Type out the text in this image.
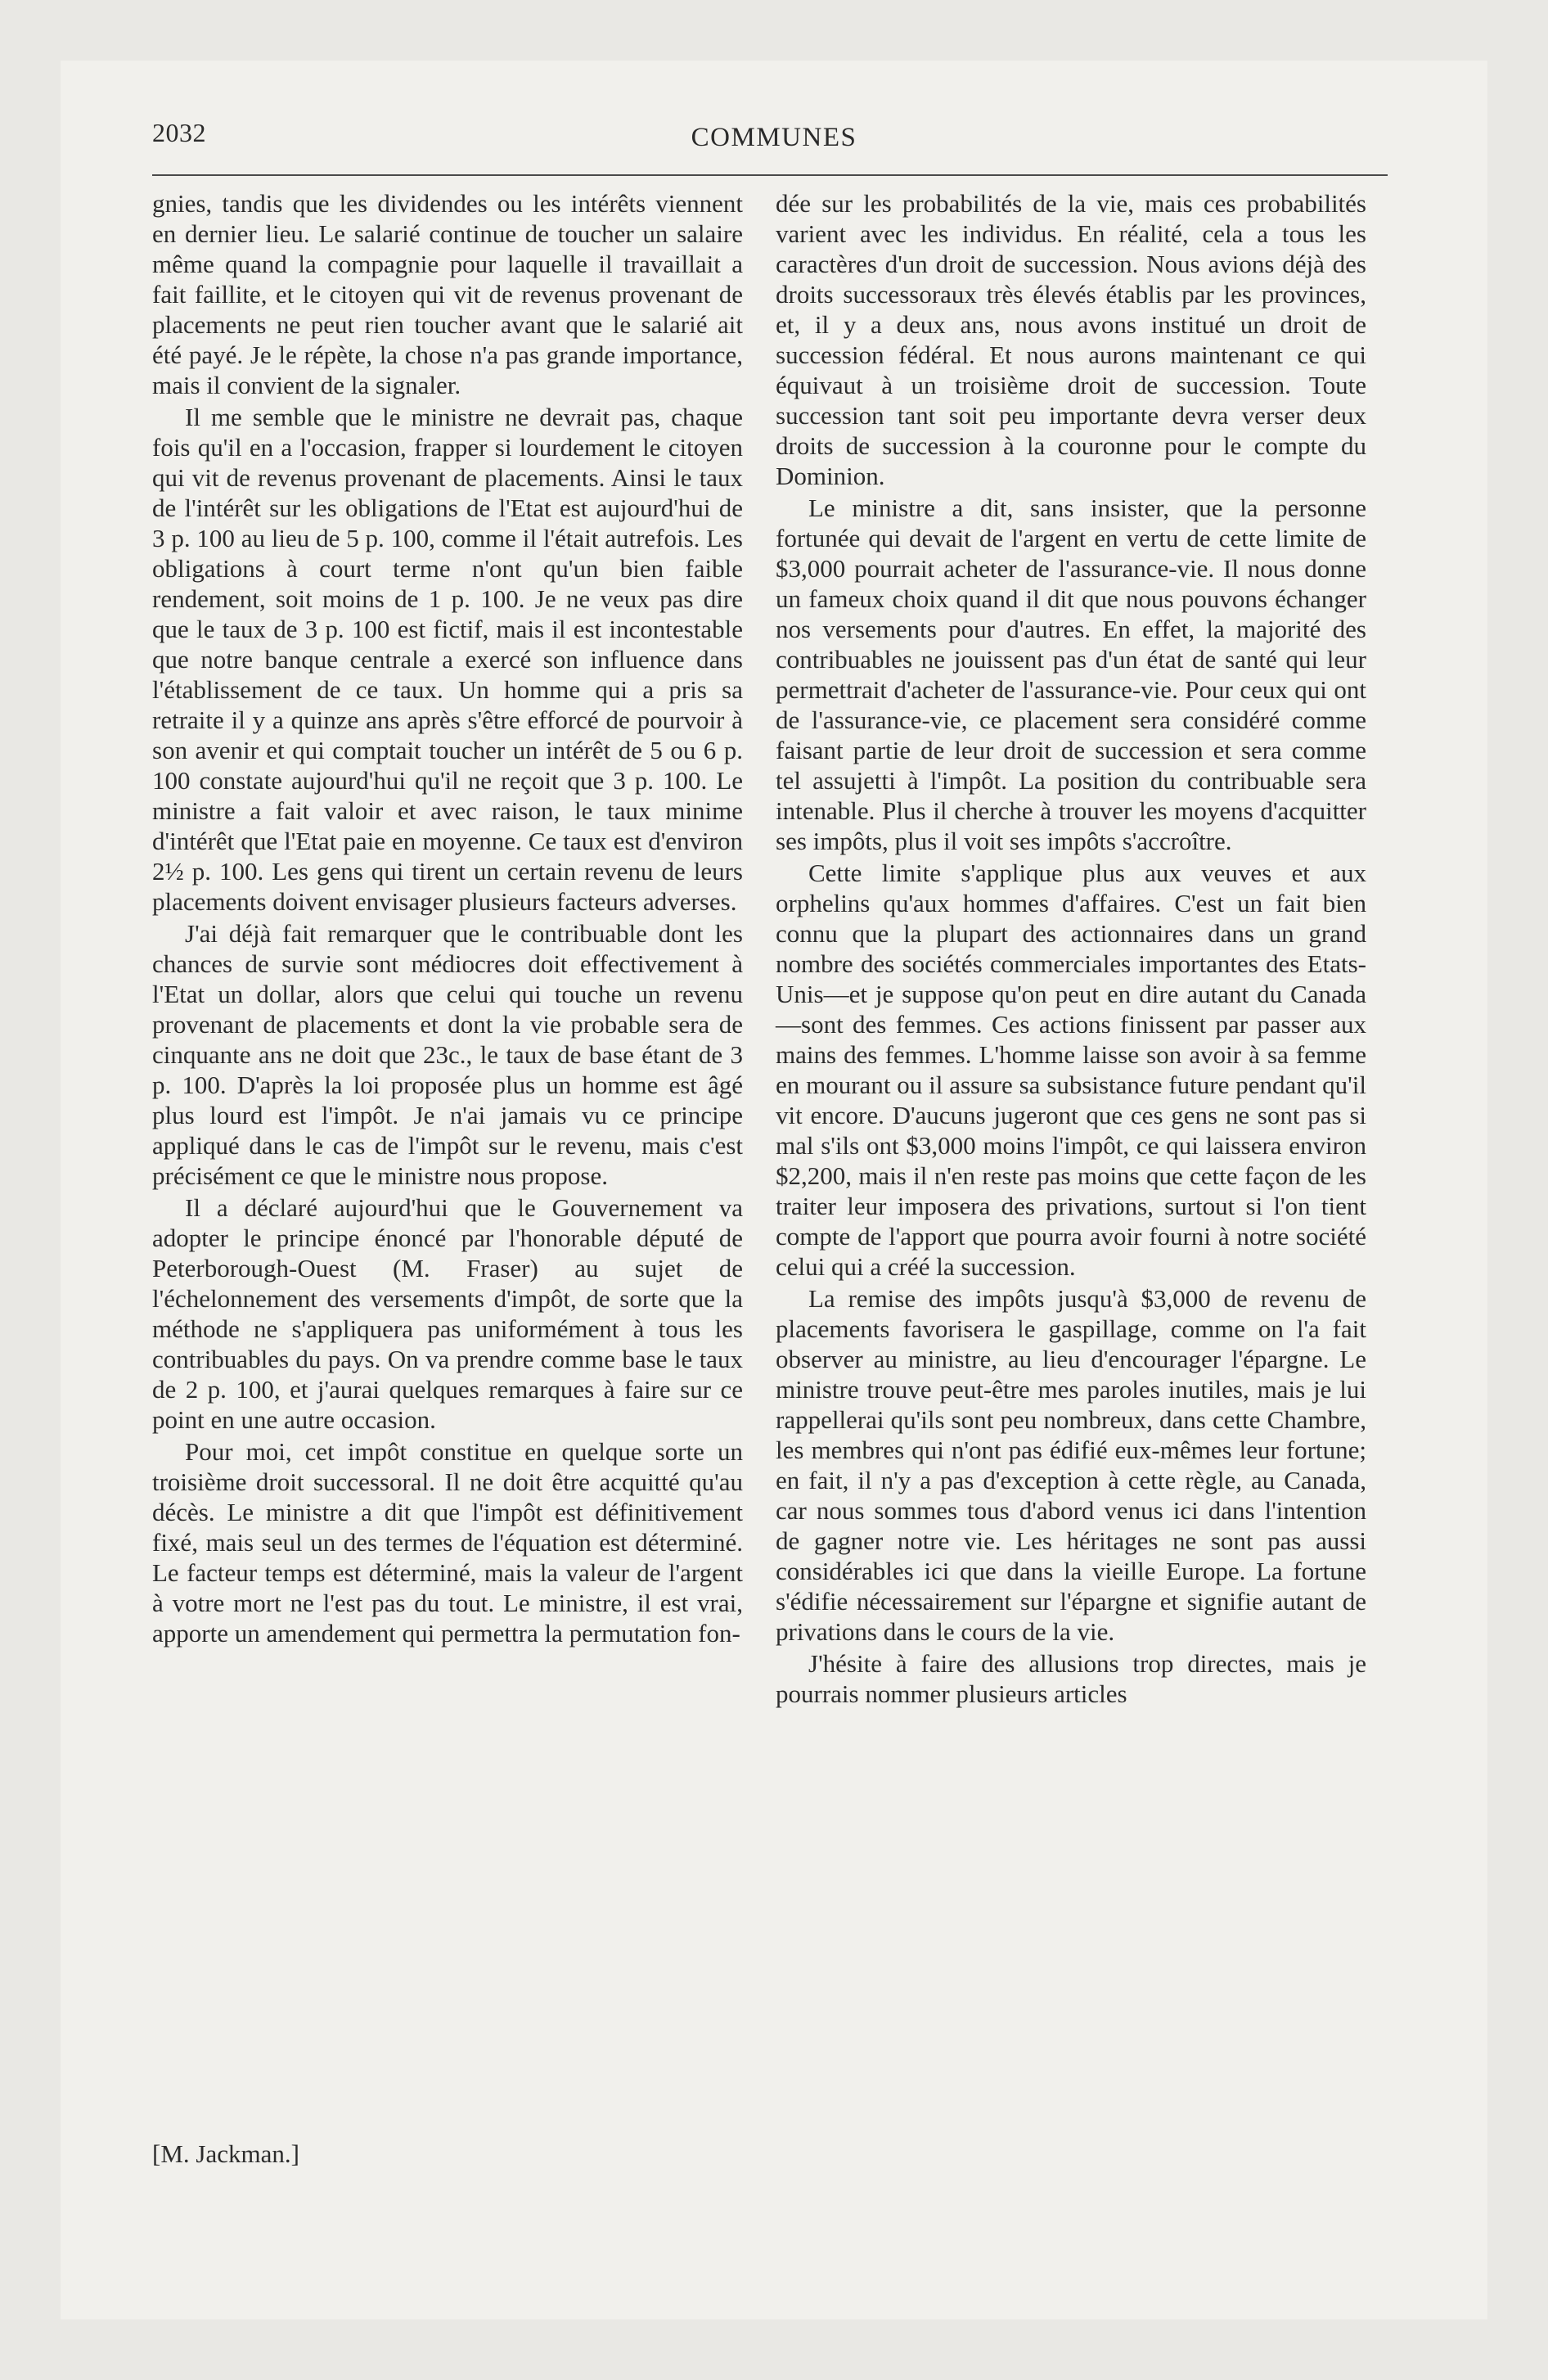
2032	COMMUNES

gnies, tandis que les dividendes ou les intérêts viennent en dernier lieu. Le salarié continue de toucher un salaire même quand la compagnie pour laquelle il travaillait a fait faillite, et le citoyen qui vit de revenus provenant de placements ne peut rien toucher avant que le salarié ait été payé. Je le répète, la chose n'a pas grande importance, mais il convient de la signaler.

Il me semble que le ministre ne devrait pas, chaque fois qu'il en a l'occasion, frapper si lourdement le citoyen qui vit de revenus provenant de placements. Ainsi le taux de l'intérêt sur les obligations de l'Etat est aujourd'hui de 3 p. 100 au lieu de 5 p. 100, comme il l'était autrefois. Les obligations à court terme n'ont qu'un bien faible rendement, soit moins de 1 p. 100. Je ne veux pas dire que le taux de 3 p. 100 est fictif, mais il est incontestable que notre banque centrale a exercé son influence dans l'établissement de ce taux. Un homme qui a pris sa retraite il y a quinze ans après s'être efforcé de pourvoir à son avenir et qui comptait toucher un intérêt de 5 ou 6 p. 100 constate aujourd'hui qu'il ne reçoit que 3 p. 100. Le ministre a fait valoir et avec raison, le taux minime d'intérêt que l'Etat paie en moyenne. Ce taux est d'environ 2½ p. 100. Les gens qui tirent un certain revenu de leurs placements doivent envisager plusieurs facteurs adverses.

J'ai déjà fait remarquer que le contribuable dont les chances de survie sont médiocres doit effectivement à l'Etat un dollar, alors que celui qui touche un revenu provenant de placements et dont la vie probable sera de cinquante ans ne doit que 23c., le taux de base étant de 3 p. 100. D'après la loi proposée plus un homme est âgé plus lourd est l'impôt. Je n'ai jamais vu ce principe appliqué dans le cas de l'impôt sur le revenu, mais c'est précisément ce que le ministre nous propose.

Il a déclaré aujourd'hui que le Gouvernement va adopter le principe énoncé par l'honorable député de Peterborough-Ouest (M. Fraser) au sujet de l'échelonnement des versements d'impôt, de sorte que la méthode ne s'appliquera pas uniformément à tous les contribuables du pays. On va prendre comme base le taux de 2 p. 100, et j'aurai quelques remarques à faire sur ce point en une autre occasion.

Pour moi, cet impôt constitue en quelque sorte un troisième droit successoral. Il ne doit être acquitté qu'au décès. Le ministre a dit que l'impôt est définitivement fixé, mais seul un des termes de l'équation est déterminé. Le facteur temps est déterminé, mais la valeur de l'argent à votre mort ne l'est pas du tout. Le ministre, il est vrai, apporte un amendement qui permettra la permutation fon-

dée sur les probabilités de la vie, mais ces probabilités varient avec les individus. En réalité, cela a tous les caractères d'un droit de succession. Nous avions déjà des droits successoraux très élevés établis par les provinces, et, il y a deux ans, nous avons institué un droit de succession fédéral. Et nous aurons maintenant ce qui équivaut à un troisième droit de succession. Toute succession tant soit peu importante devra verser deux droits de succession à la couronne pour le compte du Dominion.

Le ministre a dit, sans insister, que la personne fortunée qui devait de l'argent en vertu de cette limite de $3,000 pourrait acheter de l'assurance-vie. Il nous donne un fameux choix quand il dit que nous pouvons échanger nos versements pour d'autres. En effet, la majorité des contribuables ne jouissent pas d'un état de santé qui leur permettrait d'acheter de l'assurance-vie. Pour ceux qui ont de l'assurance-vie, ce placement sera considéré comme faisant partie de leur droit de succession et sera comme tel assujetti à l'impôt. La position du contribuable sera intenable. Plus il cherche à trouver les moyens d'acquitter ses impôts, plus il voit ses impôts s'accroître.

Cette limite s'applique plus aux veuves et aux orphelins qu'aux hommes d'affaires. C'est un fait bien connu que la plupart des actionnaires dans un grand nombre des sociétés commerciales importantes des Etats-Unis—et je suppose qu'on peut en dire autant du Canada—sont des femmes. Ces actions finissent par passer aux mains des femmes. L'homme laisse son avoir à sa femme en mourant ou il assure sa subsistance future pendant qu'il vit encore. D'aucuns jugeront que ces gens ne sont pas si mal s'ils ont $3,000 moins l'impôt, ce qui laissera environ $2,200, mais il n'en reste pas moins que cette façon de les traiter leur imposera des privations, surtout si l'on tient compte de l'apport que pourra avoir fourni à notre société celui qui a créé la succession.

La remise des impôts jusqu'à $3,000 de revenu de placements favorisera le gaspillage, comme on l'a fait observer au ministre, au lieu d'encourager l'épargne. Le ministre trouve peut-être mes paroles inutiles, mais je lui rappellerai qu'ils sont peu nombreux, dans cette Chambre, les membres qui n'ont pas édifié eux-mêmes leur fortune; en fait, il n'y a pas d'exception à cette règle, au Canada, car nous sommes tous d'abord venus ici dans l'intention de gagner notre vie. Les héritages ne sont pas aussi considérables ici que dans la vieille Europe. La fortune s'édifie nécessairement sur l'épargne et signifie autant de privations dans le cours de la vie.

J'hésite à faire des allusions trop directes, mais je pourrais nommer plusieurs articles

[M. Jackman.]
